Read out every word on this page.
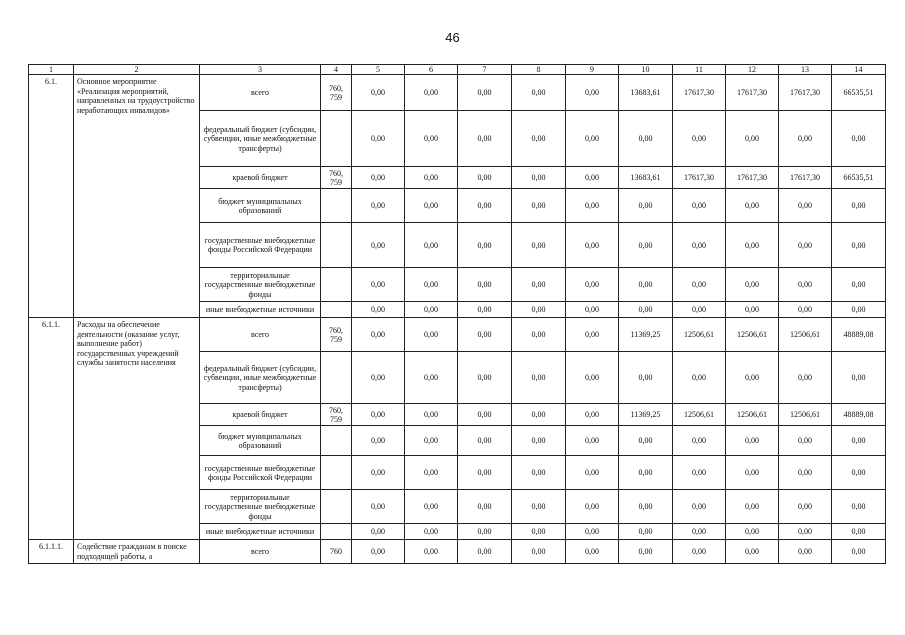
46
1	2	3	4	5	6	7	8	9	10	11	12	13	14
6.1.	Основное мероприятие «Реализация мероприятий, направленных на трудоустройство неработающих инвалидов»	всего	760, 759	0,00	0,00	0,00	0,00	0,00	13683,61	17617,30	17617,30	17617,30	66535,51
		федеральный бюджет (субсидии, субвенции, иные межбюджетные трансферты)		0,00	0,00	0,00	0,00	0,00	0,00	0,00	0,00	0,00	0,00
		краевой бюджет	760, 759	0,00	0,00	0,00	0,00	0,00	13683,61	17617,30	17617,30	17617,30	66535,51
		бюджет муниципальных образований		0,00	0,00	0,00	0,00	0,00	0,00	0,00	0,00	0,00	0,00
		государственные внебюджетные фонды Российской Федерации		0,00	0,00	0,00	0,00	0,00	0,00	0,00	0,00	0,00	0,00
		территориальные государственные внебюджетные фонды		0,00	0,00	0,00	0,00	0,00	0,00	0,00	0,00	0,00	0,00
		иные внебюджетные источники		0,00	0,00	0,00	0,00	0,00	0,00	0,00	0,00	0,00	0,00
6.1.1.	Расходы на обеспечение деятельности (оказание услуг, выполнение работ) государственных учреждений службы занятости населения	всего	760, 759	0,00	0,00	0,00	0,00	0,00	11369,25	12506,61	12506,61	12506,61	48889,08
		федеральный бюджет (субсидии, субвенции, иные межбюджетные трансферты)		0,00	0,00	0,00	0,00	0,00	0,00	0,00	0,00	0,00	0,00
		краевой бюджет	760, 759	0,00	0,00	0,00	0,00	0,00	11369,25	12506,61	12506,61	12506,61	48889,08
		бюджет муниципальных образований		0,00	0,00	0,00	0,00	0,00	0,00	0,00	0,00	0,00	0,00
		государственные внебюджетные фонды Российской Федерации		0,00	0,00	0,00	0,00	0,00	0,00	0,00	0,00	0,00	0,00
		территориальные государственные внебюджетные фонды		0,00	0,00	0,00	0,00	0,00	0,00	0,00	0,00	0,00	0,00
		иные внебюджетные источники		0,00	0,00	0,00	0,00	0,00	0,00	0,00	0,00	0,00	0,00
6.1.1.1.	Содействие гражданам в поиске подходящей работы, а	всего	760	0,00	0,00	0,00	0,00	0,00	0,00	0,00	0,00	0,00	0,00
